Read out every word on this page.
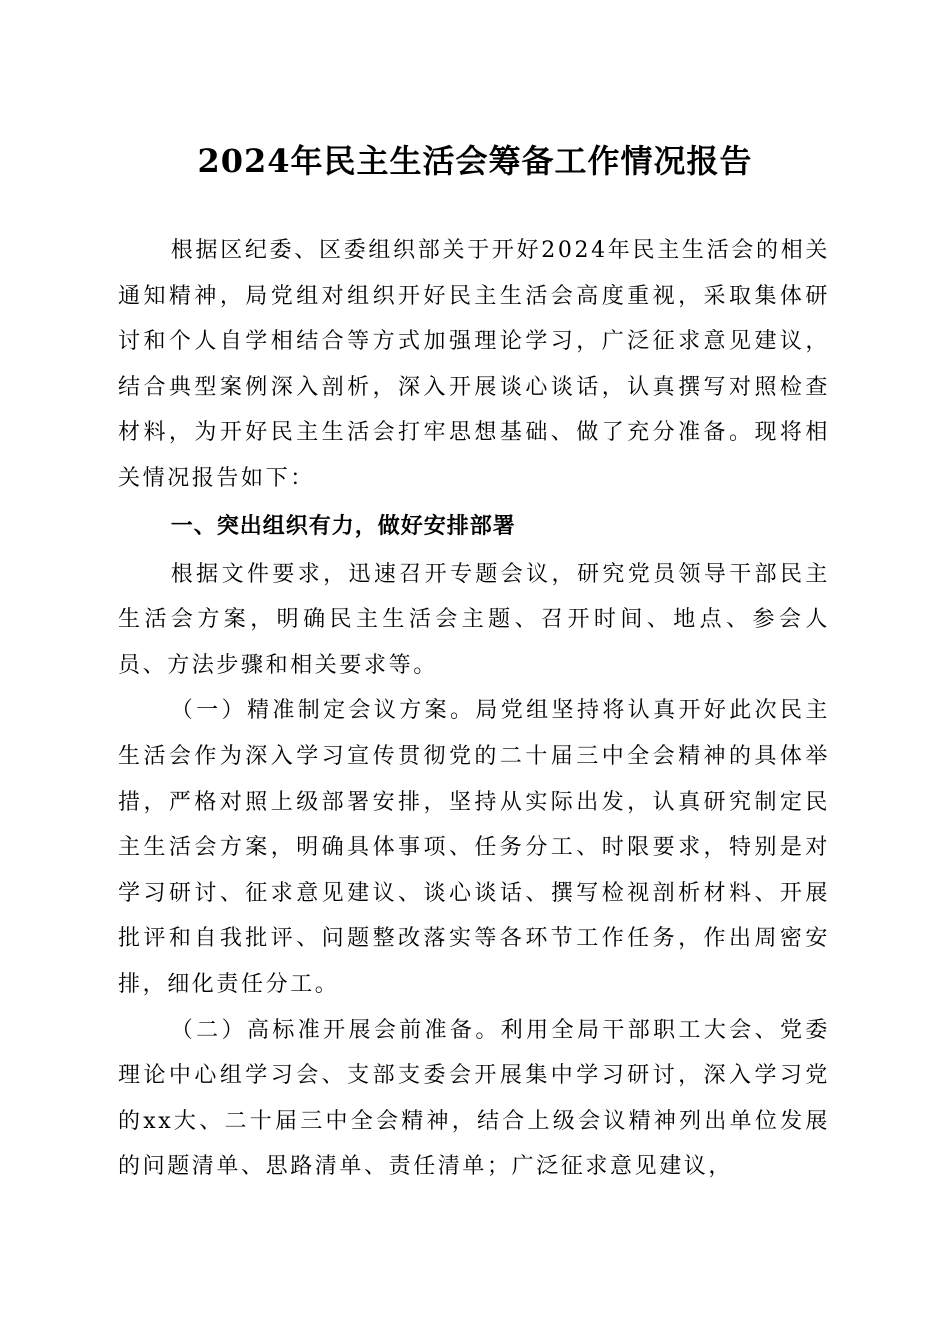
2024年民主生活会筹备工作情况报告

根据区纪委、区委组织部关于开好2024年民主生活会的相关通知精神，局党组对组织开好民主生活会高度重视，采取集体研讨和个人自学相结合等方式加强理论学习，广泛征求意见建议，结合典型案例深入剖析，深入开展谈心谈话，认真撰写对照检查材料，为开好民主生活会打牢思想基础、做了充分准备。现将相关情况报告如下：

一、突出组织有力，做好安排部署

根据文件要求，迅速召开专题会议，研究党员领导干部民主生活会方案，明确民主生活会主题、召开时间、地点、参会人员、方法步骤和相关要求等。

（一）精准制定会议方案。局党组坚持将认真开好此次民主生活会作为深入学习宣传贯彻党的二十届三中全会精神的具体举措，严格对照上级部署安排，坚持从实际出发，认真研究制定民主生活会方案，明确具体事项、任务分工、时限要求，特别是对学习研讨、征求意见建议、谈心谈话、撰写检视剖析材料、开展批评和自我批评、问题整改落实等各环节工作任务，作出周密安排，细化责任分工。

（二）高标准开展会前准备。利用全局干部职工大会、党委理论中心组学习会、支部支委会开展集中学习研讨，深入学习党的xx大、二十届三中全会精神，结合上级会议精神列出单位发展的问题清单、思路清单、责任清单；广泛征求意见建议，
